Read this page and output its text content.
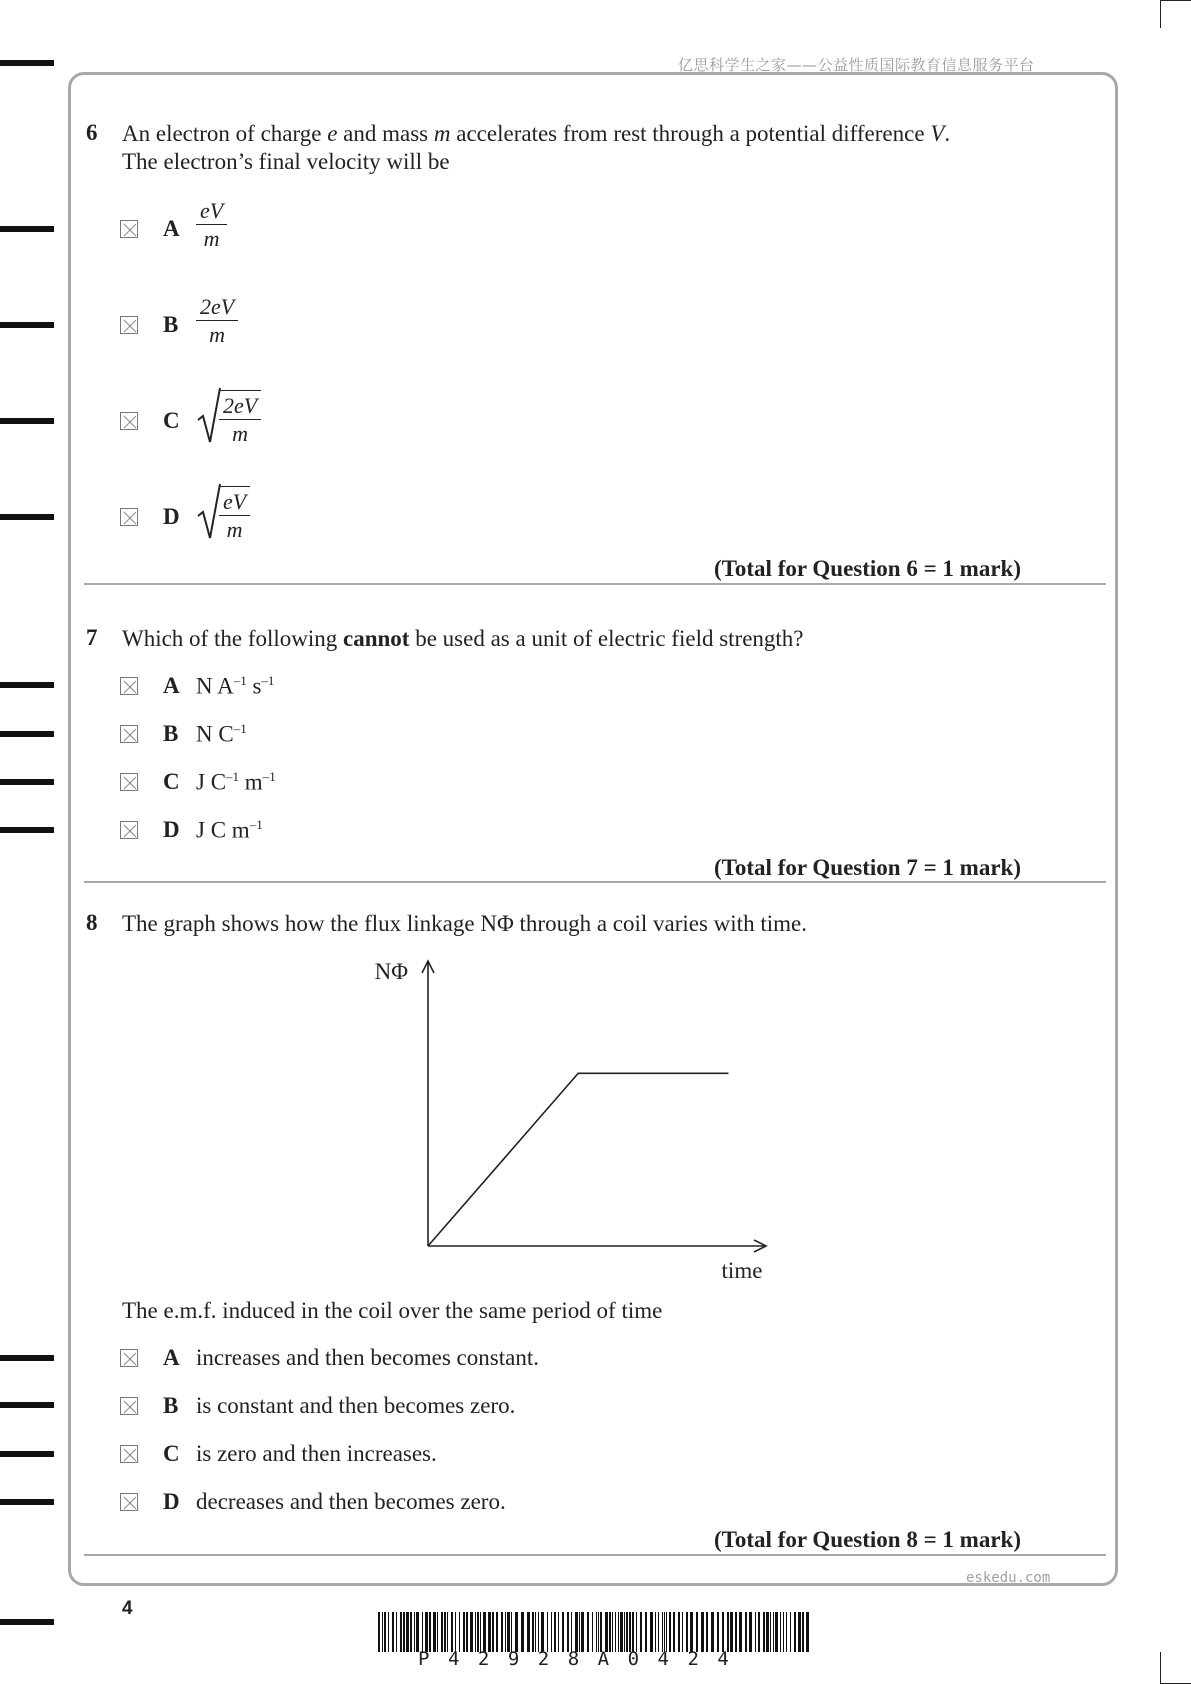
亿思科学生之家——公益性质国际教育信息服务平台
6 An electron of charge e and mass m accelerates from rest through a potential difference V.
The electron’s final velocity will be
A $\frac{eV}{m}$
B $\frac{2eV}{m}$
C $\frac{2eV}{m}$
D $\frac{eV}{m}$
(Total for Question 6 = 1 mark)
7 Which of the following cannot be used as a unit of electric field strength?
A N $A^{-1}$ $s^{-1}$
B N $C^{-1}$
C J $C^{-1}$ $m^{-1}$
D J C $m^{-1}$
(Total for Question 7 = 1 mark)
8 The graph shows how the flux linkage NΦ through a coil varies with time.
NΦ
time
The e.m.f. induced in the coil over the same period of time
A increases and then becomes constant.
B is constant and then becomes zero.
C is zero and then increases.
D decreases and then becomes zero.
(Total for Question 8 = 1 mark)
eskedu.com
4
P42928A0424
